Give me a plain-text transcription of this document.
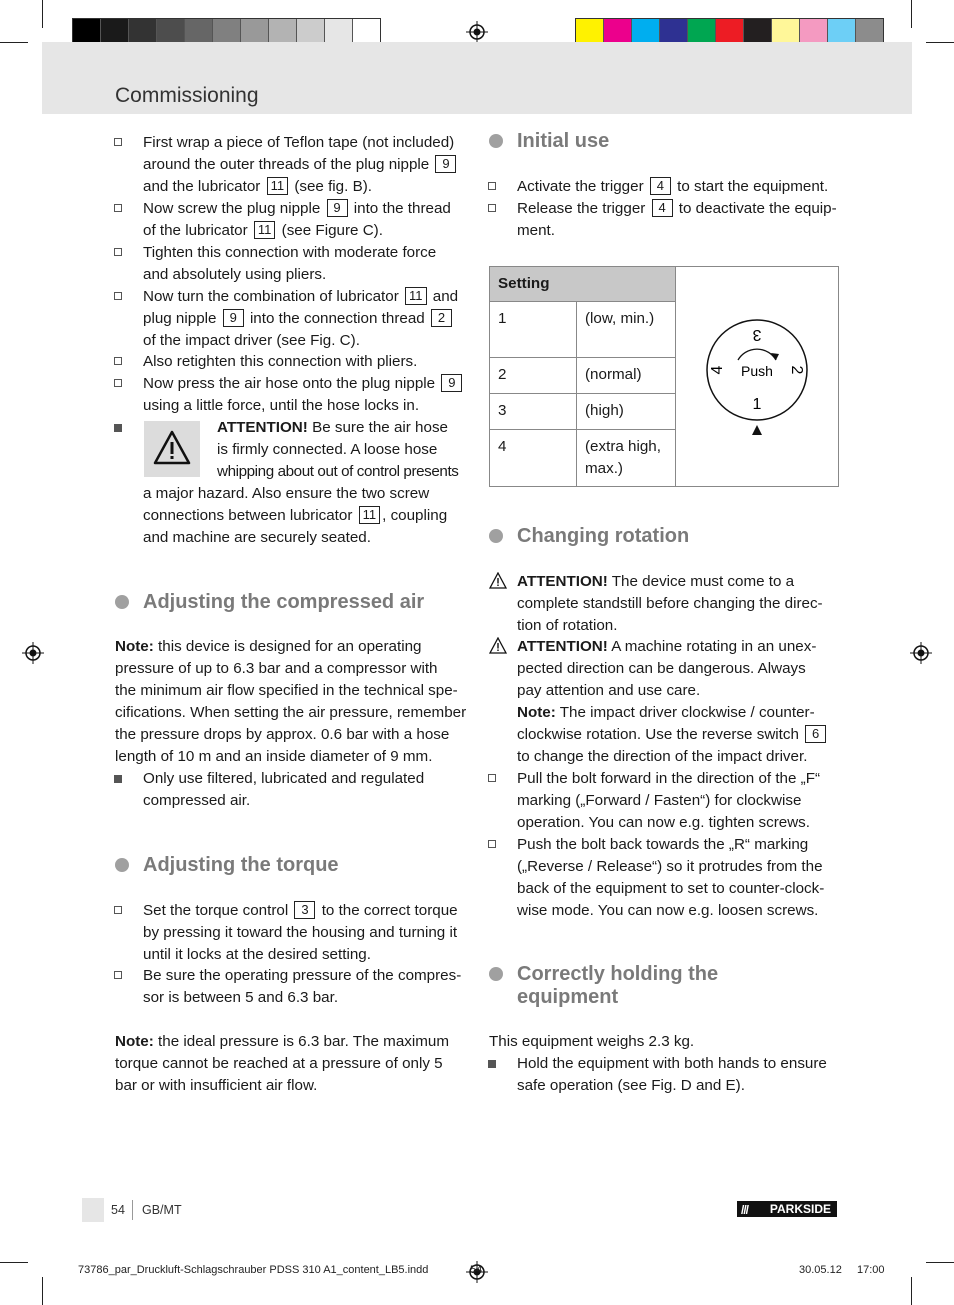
Commissioning
First wrap a piece of Teflon tape (not included)
around the outer threads of the plug nipple 9
and the lubricator 11 (see fig. B).
Now screw the plug nipple 9 into the thread
of the lubricator 11 (see Figure C).
Tighten this connection with moderate force
and absolutely using pliers.
Now turn the combination of lubricator 11 and
plug nipple 9 into the connection thread 2
of the impact driver (see Fig. C).
Also retighten this connection with pliers.
Now press the air hose onto the plug nipple 9
using a little force, until the hose locks in.
ATTENTION! Be sure the air hose
is firmly connected. A loose hose
whipping about out of control presents
a major hazard. Also ensure the two screw
connections between lubricator 11 , coupling
and machine are securely seated.
Adjusting the compressed air
Note: this device is designed for an operating
pressure of up to 6.3 bar and a compressor with
the minimum air flow specified in the technical spe-
cifications. When setting the air pressure, remember
the pressure drops by approx. 0.6 bar with a hose
length of 10 m and an inside diameter of 9 mm.
Only use filtered, lubricated and regulated
compressed air.
Adjusting the torque
Set the torque control 3 to the correct torque
by pressing it toward the housing and turning it
until it locks at the desired setting.
Be sure the operating pressure of the compres-
sor is between 5 and 6.3 bar.
Note: the ideal pressure is 6.3 bar. The maximum
torque cannot be reached at a pressure of only 5
bar or with insufficient air flow.
Initial use
Activate the trigger 4 to start the equipment.
Release the trigger 4 to deactivate the equip-
ment.
Setting		Push
1
2
3
4

1	(low, min.)	
2	(normal)	
3	(high)	
4	(extra high,
max.)	
Changing rotation
ATTENTION! The device must come to a
complete standstill before changing the direc-
tion of rotation.
ATTENTION! A machine rotating in an unex-
pected direction can be dangerous. Always
pay attention and use care.
Note: The impact driver clockwise / counter-
clockwise rotation. Use the reverse switch 6
to change the direction of the impact driver.
Pull the bolt forward in the direction of the „F“
marking („Forward / Fasten“) for clockwise
operation. You can now e.g. tighten screws.
Push the bolt back towards the „R“ marking
(„Reverse / Release“) so it protrudes from the
back of the equipment to set to counter-clock-
wise mode. You can now e.g. loosen screws.
Correctly holding the
equipment
This equipment weighs 2.3 kg.
Hold the equipment with both hands to ensure
safe operation (see Fig. D and E).
54 GB/MT	/// PARKSIDE
73786_par_Druckluft-Schlagschrauber PDSS 310 A1_content_LB5.indd	54	30.05.12 17:00
